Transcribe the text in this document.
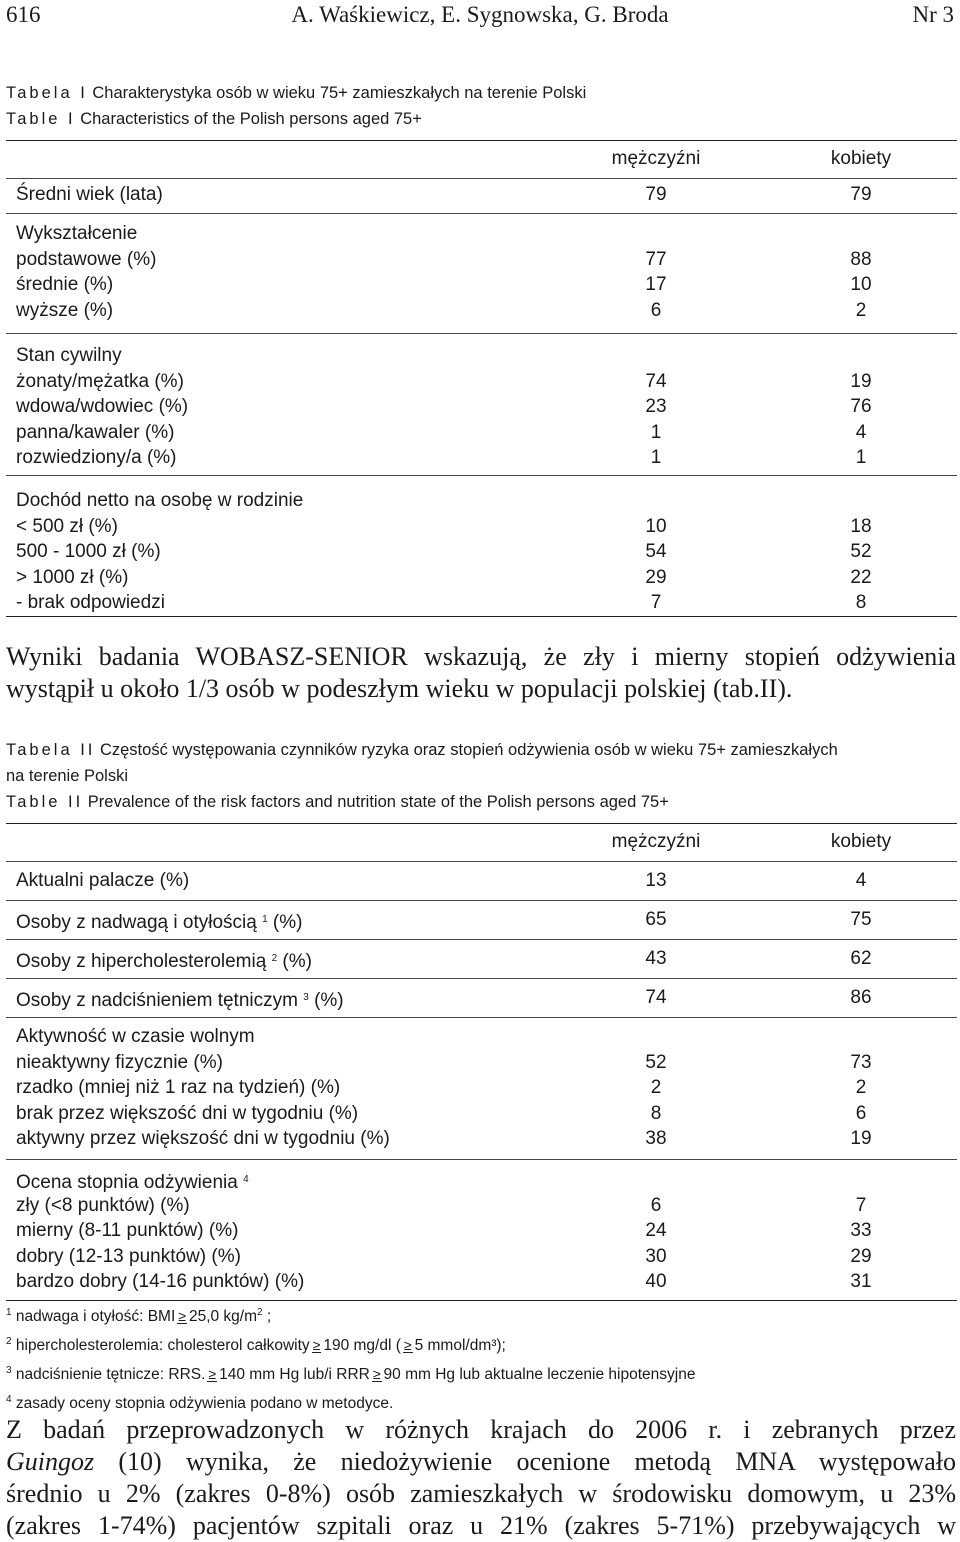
616	A. Waśkiewicz, E. Sygnowska, G. Broda	Nr 3
Tabela I Charakterystyka osób w wieku 75+ zamieszkałych na terenie Polski
Table I Characteristics of the Polish persons aged 75+
mężczyźni	kobiety
Średni wiek (lata)	79	79
Wykształcenie
podstawowe (%)	77	88
średnie (%)	17	10
wyższe (%)	6	2
Stan cywilny
żonaty/mężatka (%)	74	19
wdowa/wdowiec (%)	23	76
panna/kawaler (%)	1	4
rozwiedziony/a (%)	1	1
Dochód netto na osobę w rodzinie
< 500 zł (%)	10	18
500 - 1000 zł (%)	54	52
> 1000 zł (%)	29	22
- brak odpowiedzi	7	8
Wyniki badania WOBASZ-SENIOR wskazują, że zły i mierny stopień odżywienia
wystąpił u około 1/3 osób w podeszłym wieku w populacji polskiej (tab.II).
Tabela II Częstość występowania czynników ryzyka oraz stopień odżywienia osób w wieku 75+ zamieszkałych
na terenie Polski
Table II Prevalence of the risk factors and nutrition state of the Polish persons aged 75+
mężczyźni	kobiety
Aktualni palacze (%)	13	4
Osoby z nadwagą i otyłością $^1$ (%)	65	75
Osoby z hipercholesterolemią $^2$ (%)	43	62
Osoby z nadciśnieniem tętniczym $^3$ (%)	74	86
Aktywność w czasie wolnym
nieaktywny fizycznie (%)	52	73
rzadko (mniej niż 1 raz na tydzień) (%)	2	2
brak przez większość dni w tygodniu (%)	8	6
aktywny przez większość dni w tygodniu (%)	38	19
Ocena stopnia odżywienia $^4$
zły (<8 punktów) (%)	6	7
mierny (8-11 punktów) (%)	24	33
dobry (12-13 punktów) (%)	30	29
bardzo dobry (14-16 punktów) (%)	40	31
$^1$ nadwaga i otyłość: BMI ≥ 25,0 $kg/m^2$ ;
$^2$ hipercholesterolemia: cholesterol całkowity ≥ 190 mg/dl ( ≥ 5 mmol/dm³);
$^3$ nadciśnienie tętnicze: RRS. ≥ 140 mm Hg lub/i RRR ≥ 90 mm Hg lub aktualne leczenie hipotensyjne
$^4$ zasady oceny stopnia odżywienia podano w metodyce.
Z badań przeprowadzonych w różnych krajach do 2006 r. i zebranych przez
Guingoz (10) wynika, że niedożywienie ocenione metodą MNA występowało
średnio u 2% (zakres 0-8%) osób zamieszkałych w środowisku domowym, u 23%
(zakres 1-74%) pacjentów szpitali oraz u 21% (zakres 5-71%) przebywających w
